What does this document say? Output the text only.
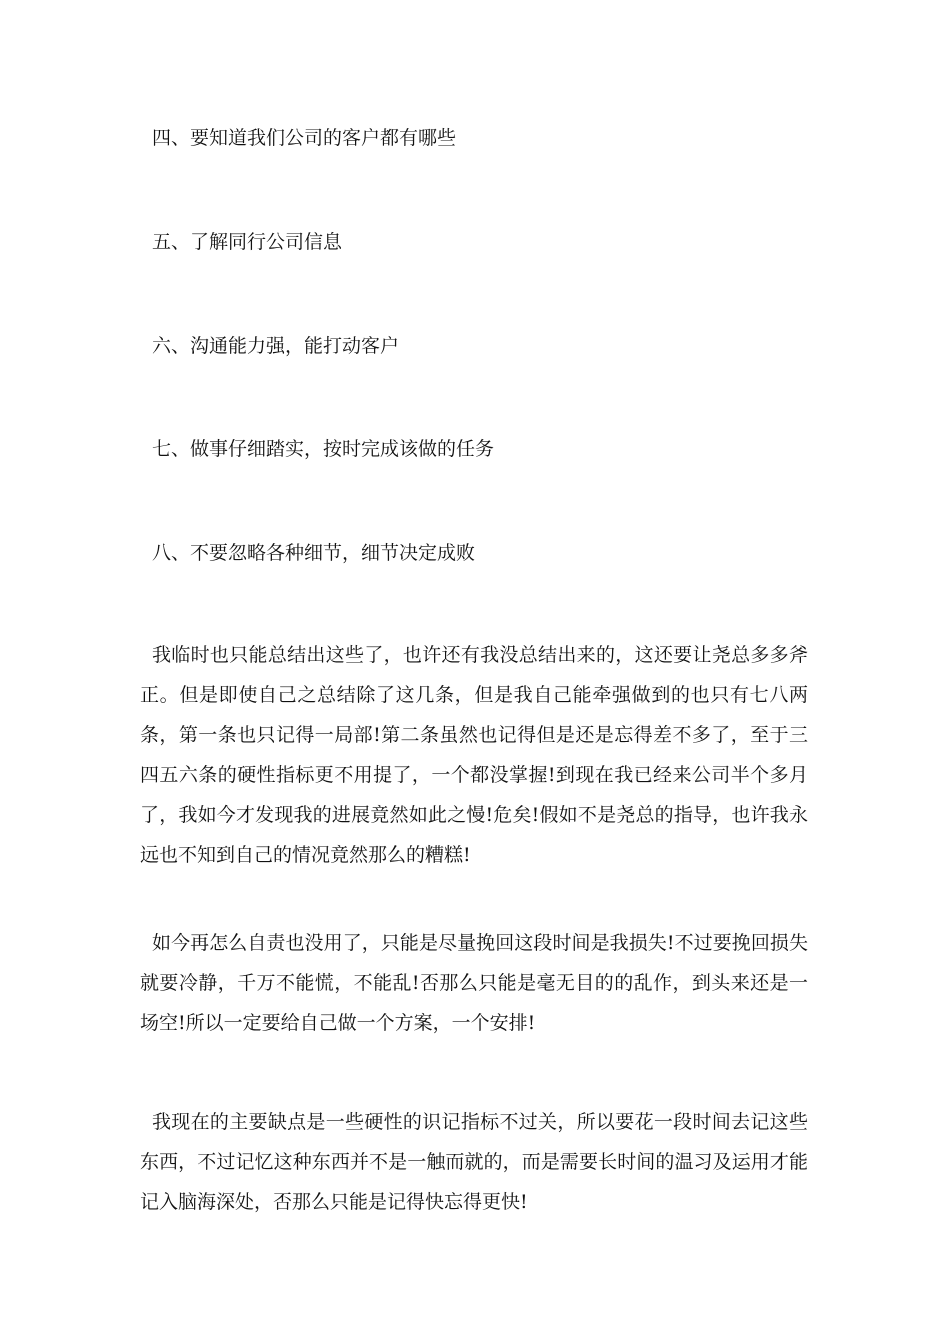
四、要知道我们公司的客户都有哪些

五、了解同行公司信息

六、沟通能力强，能打动客户

七、做事仔细踏实，按时完成该做的任务

八、不要忽略各种细节，细节决定成败

我临时也只能总结出这些了，也许还有我没总结出来的，这还要让尧总多多斧正。但是即使自己之总结除了这几条，但是我自己能牵强做到的也只有七八两条，第一条也只记得一局部!第二条虽然也记得但是还是忘得差不多了，至于三四五六条的硬性指标更不用提了，一个都没掌握!到现在我已经来公司半个多月了，我如今才发现我的进展竟然如此之慢!危矣!假如不是尧总的指导，也许我永远也不知到自己的情况竟然那么的糟糕!

如今再怎么自责也没用了，只能是尽量挽回这段时间是我损失!不过要挽回损失就要冷静，千万不能慌，不能乱!否那么只能是毫无目的的乱作，到头来还是一场空!所以一定要给自己做一个方案，一个安排!

我现在的主要缺点是一些硬性的识记指标不过关，所以要花一段时间去记这些东西，不过记忆这种东西并不是一触而就的，而是需要长时间的温习及运用才能记入脑海深处，否那么只能是记得快忘得更快!
